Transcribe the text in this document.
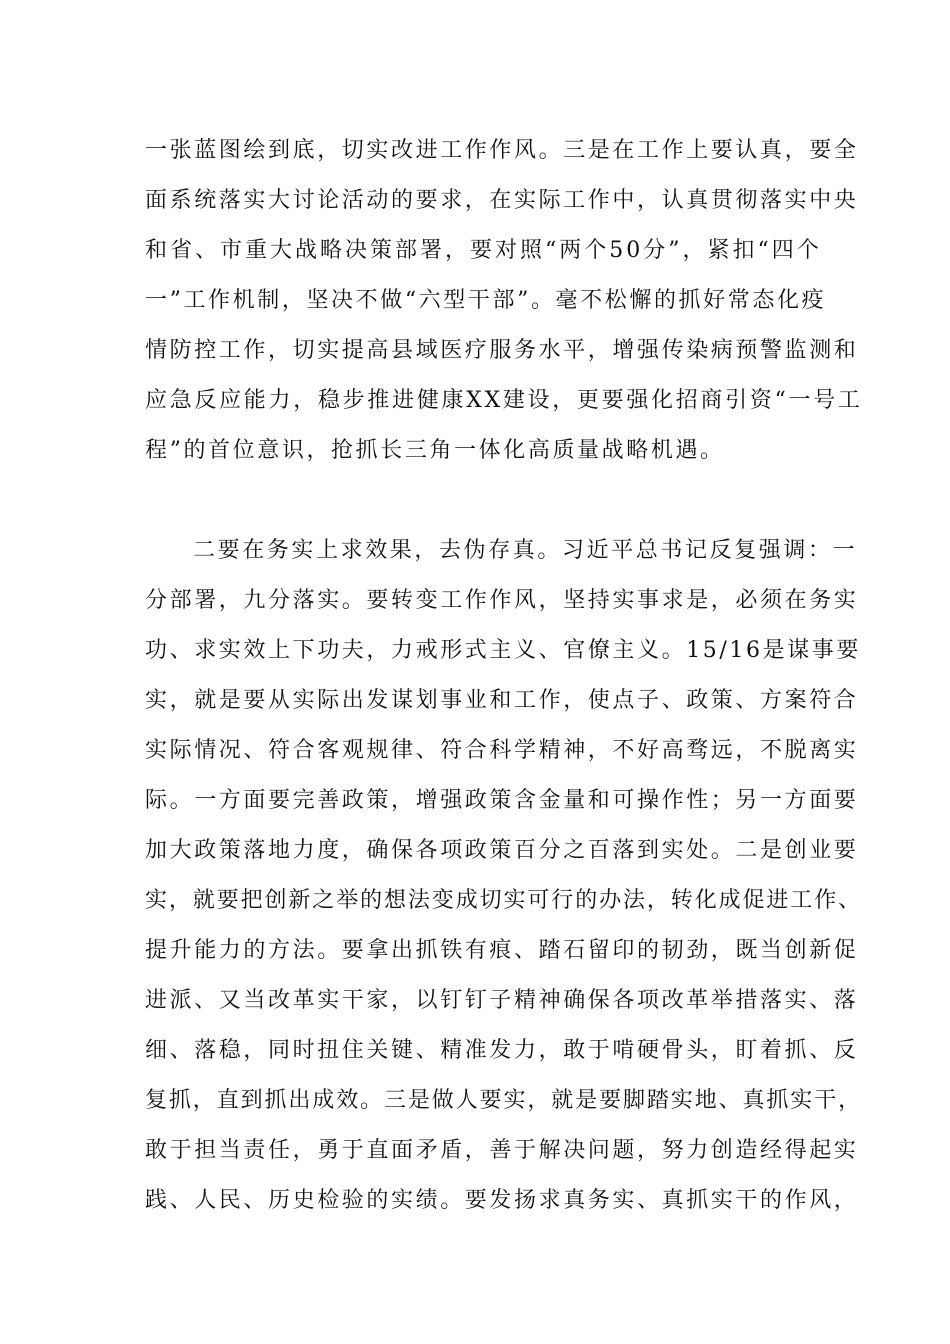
一张蓝图绘到底，切实改进工作作风。三是在工作上要认真，要全
面系统落实大讨论活动的要求，在实际工作中，认真贯彻落实中央
和省、市重大战略决策部署，要对照“两个50分”，紧扣“四个
一”工作机制，坚决不做“六型干部”。毫不松懈的抓好常态化疫
情防控工作，切实提高县域医疗服务水平，增强传染病预警监测和
应急反应能力，稳步推进健康XX建设，更要强化招商引资“一号工
程”的首位意识，抢抓长三角一体化高质量战略机遇。
二要在务实上求效果，去伪存真。习近平总书记反复强调：一
分部署，九分落实。要转变工作作风，坚持实事求是，必须在务实
功、求实效上下功夫，力戒形式主义、官僚主义。15/16是谋事要
实，就是要从实际出发谋划事业和工作，使点子、政策、方案符合
实际情况、符合客观规律、符合科学精神，不好高骛远，不脱离实
际。一方面要完善政策，增强政策含金量和可操作性；另一方面要
加大政策落地力度，确保各项政策百分之百落到实处。二是创业要
实，就要把创新之举的想法变成切实可行的办法，转化成促进工作、
提升能力的方法。要拿出抓铁有痕、踏石留印的韧劲，既当创新促
进派、又当改革实干家，以钉钉子精神确保各项改革举措落实、落
细、落稳，同时扭住关键、精准发力，敢于啃硬骨头，盯着抓、反
复抓，直到抓出成效。三是做人要实，就是要脚踏实地、真抓实干，
敢于担当责任，勇于直面矛盾，善于解决问题，努力创造经得起实
践、人民、历史检验的实绩。要发扬求真务实、真抓实干的作风，
